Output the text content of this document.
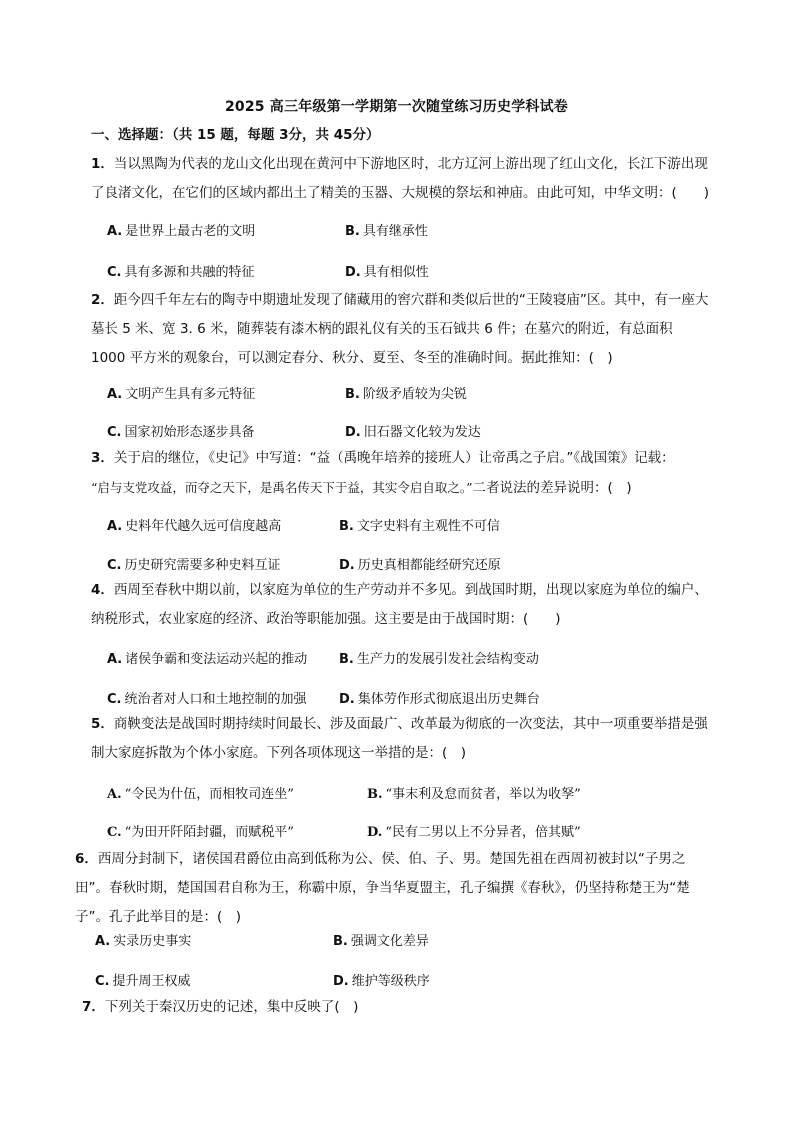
2025 高三年级第一学期第一次随堂练习历史学科试卷
一、选择题：（共 15 题，每题 3分，共 45分）
1．当以黑陶为代表的龙山文化出现在黄河中下游地区时，北方辽河上游出现了红山文化，长江下游出现了良渚文化，在它们的区域内都出土了精美的玉器、大规模的祭坛和神庙。由此可知，中华文明：(　　)
A. 是世界上最古老的文明	B. 具有继承性
C. 具有多源和共融的特征	D. 具有相似性
2．距今四千年左右的陶寺中期遗址发现了储藏用的窖穴群和类似后世的“王陵寝庙”区。其中，有一座大墓长 5 米、宽 3. 6 米，随葬装有漆木柄的跟礼仪有关的玉石钺共 6 件；在墓穴的附近，有总面积 1000 平方米的观象台，可以测定春分、秋分、夏至、冬至的准确时间。据此推知：(　)
A. 文明产生具有多元特征	B. 阶级矛盾较为尖锐
C. 国家初始形态逐步具备	D. 旧石器文化较为发达
3．关于启的继位，《史记》中写道：“益（禹晚年培养的接班人）让帝禹之子启。”《战国策》记载：
“启与支党攻益，而夺之天下，是禹名传天下于益，其实令启自取之。”二者说法的差异说明：(　)
A. 史料年代越久远可信度越高	B. 文字史料有主观性不可信
C. 历史研究需要多种史料互证	D. 历史真相都能经研究还原
4．西周至春秋中期以前，以家庭为单位的生产劳动并不多见。到战国时期，出现以家庭为单位的编户、纳税形式，农业家庭的经济、政治等职能加强。这主要是由于战国时期：(　　)
A. 诸侯争霸和变法运动兴起的推动 B. 生产力的发展引发社会结构变动
C. 统治者对人口和土地控制的加强	D. 集体劳作形式彻底退出历史舞台
5．商鞅变法是战国时期持续时间最长、涉及面最广、改革最为彻底的一次变法，其中一项重要举措是强制大家庭拆散为个体小家庭。下列各项体现这一举措的是：(　)
A. “令民为什伍，而相牧司连坐”	B. “事末利及怠而贫者，举以为收孥”
C. “为田开阡陌封疆，而赋税平”	D. “民有二男以上不分异者，倍其赋”
6．西周分封制下，诸侯国君爵位由高到低称为公、侯、伯、子、男。楚国先祖在西周初被封以“子男之田”。春秋时期，楚国国君自称为王，称霸中原，争当华夏盟主，孔子编撰《春秋》，仍坚持称楚王为“楚子”。孔子此举目的是：(　)
A. 实录历史事实	B. 强调文化差异
C. 提升周王权威	D. 维护等级秩序
7．下列关于秦汉历史的记述，集中反映了(　)
